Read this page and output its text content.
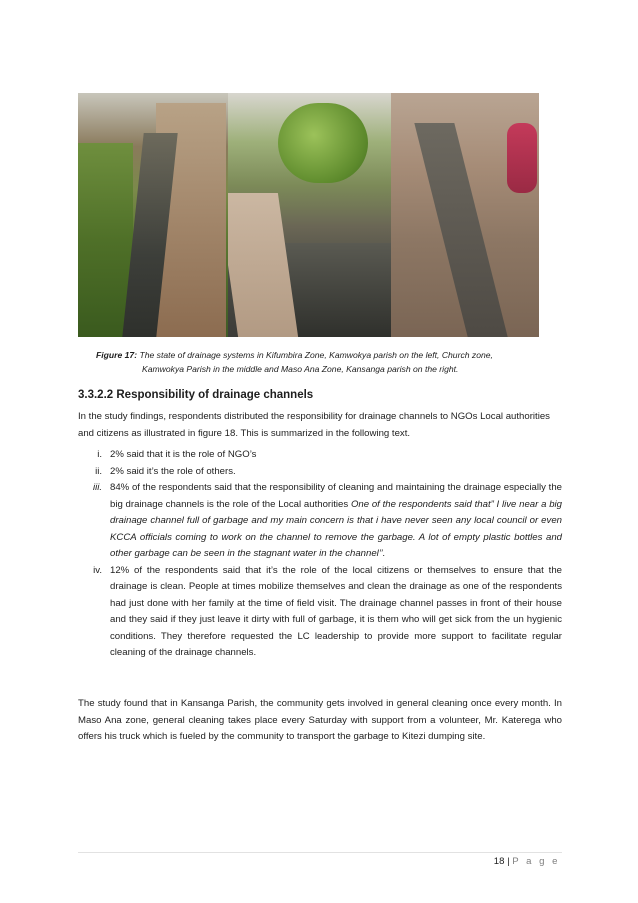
Figure 17: The state of drainage systems in Kifumbira Zone, Kamwokya parish on the left, Church zone,
Kamwokya Parish in the middle and Maso Ana Zone, Kansanga parish on the right.
3.3.2.2 Responsibility of drainage channels
In the study findings, respondents distributed the responsibility for drainage channels to NGOs Local authorities and citizens as illustrated in figure 18. This is summarized in the following text.
i. 2% said that it is the role of NGO’s
ii. 2% said it’s the role of others.
iii. 84% of the respondents said that the responsibility of cleaning and maintaining the drainage especially the big drainage channels is the role of the Local authorities One of the respondents said that” I live near a big drainage channel full of garbage and my main concern is that i have never seen any local council or even KCCA officials coming to work on the channel to remove the garbage. A lot of empty plastic bottles and other garbage can be seen in the stagnant water in the channel’’.
iv. 12% of the respondents said that it’s the role of the local citizens or themselves to ensure that the drainage is clean. People at times mobilize themselves and clean the drainage as one of the respondents had just done with her family at the time of field visit. The drainage channel passes in front of their house and they said if they just leave it dirty with full of garbage, it is them who will get sick from the un hygienic conditions. They therefore requested the LC leadership to provide more support to facilitate regular cleaning of the drainage channels.
The study found that in Kansanga Parish, the community gets involved in general cleaning once every month. In Maso Ana zone, general cleaning takes place every Saturday with support from a volunteer, Mr. Katerega who offers his truck which is fueled by the community to transport the garbage to Kitezi dumping site.
18 | P a g e
